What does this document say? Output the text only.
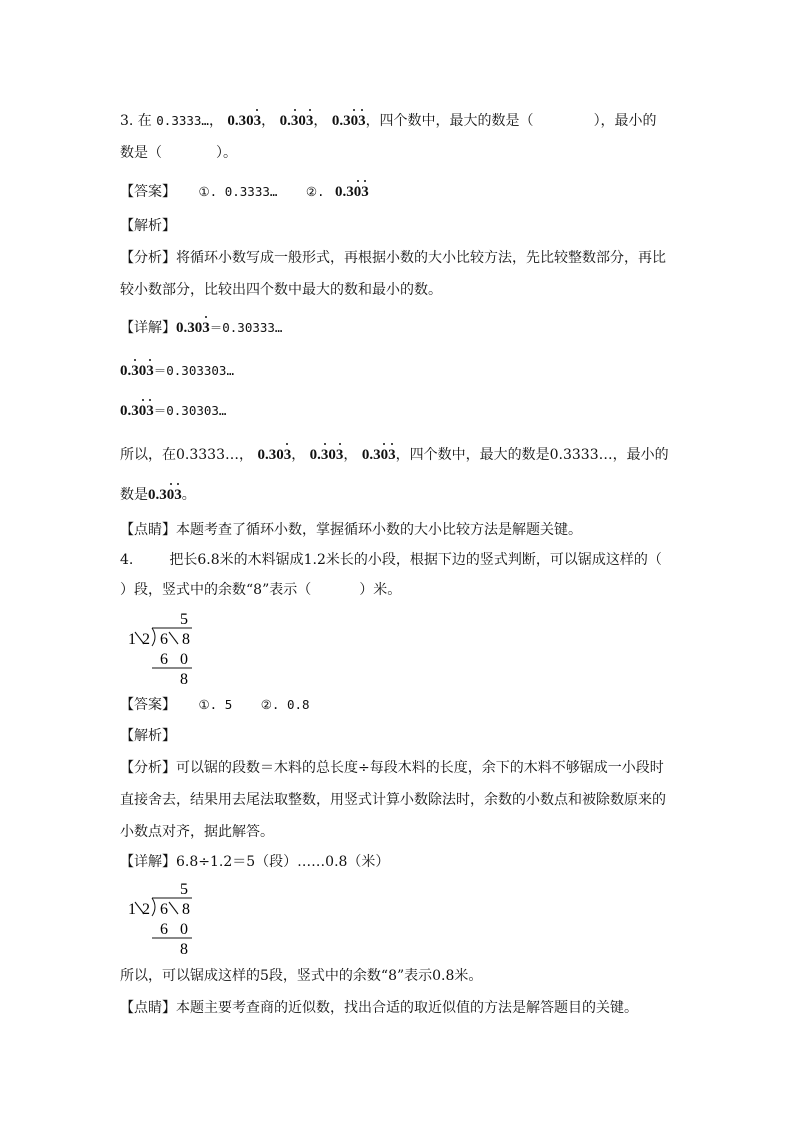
3. 在 0.3333…， 0.303， 0.303， 0.303，四个数中，最大的数是（	），最小的
数是（	）。
【答案】 ①. 0.3333… ②. 0.303
【解析】
【分析】将循环小数写成一般形式，再根据小数的大小比较方法，先比较整数部分，再比
较小数部分，比较出四个数中最大的数和最小的数。
【详解】0.303＝0.30333…
0.303＝0.303303…
0.303＝0.30303…
所以，在0.3333…， 0.303， 0.303， 0.303，四个数中，最大的数是0.3333…，最小的
数是0.303。
【点睛】本题考查了循环小数，掌握循环小数的大小比较方法是解题关键。
4.	把长6.8米的木料锯成1.2米长的小段，根据下边的竖式判断，可以锯成这样的（
）段，竖式中的余数“8”表示（	）米。
5
1 2 6 8
6 0
8
【答案】 ①. 5 ②. 0.8
【解析】
【分析】可以锯的段数＝木料的总长度÷每段木料的长度，余下的木料不够锯成一小段时
直接舍去，结果用去尾法取整数，用竖式计算小数除法时，余数的小数点和被除数原来的
小数点对齐，据此解答。
【详解】6.8÷1.2＝5（段）……0.8（米）
5
1 2 6 8
6 0
8
所以，可以锯成这样的5段，竖式中的余数“8”表示0.8米。
【点睛】本题主要考查商的近似数，找出合适的取近似值的方法是解答题目的关键。
